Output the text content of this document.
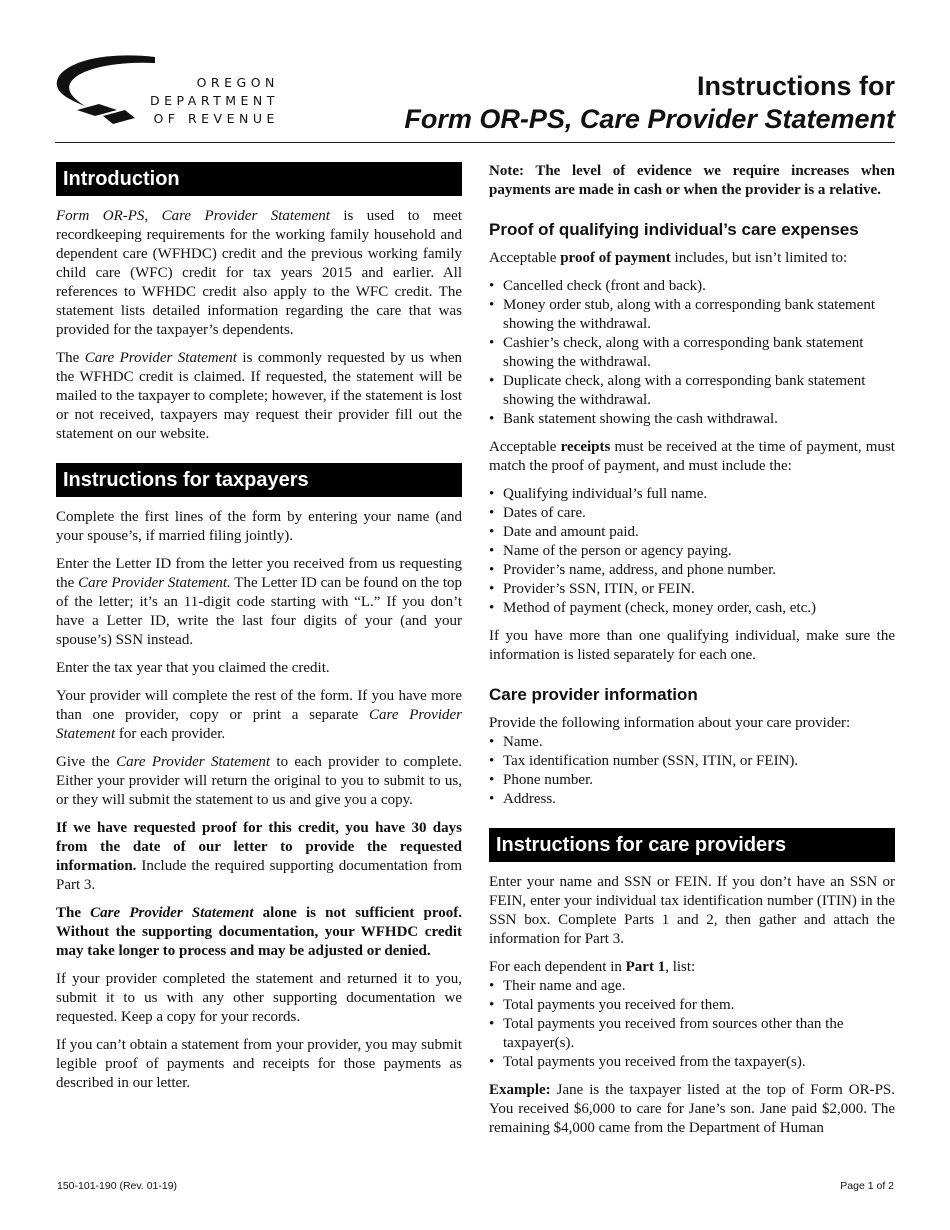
OREGON
DEPARTMENT
OF REVENUE
Instructions for
Form OR-PS, Care Provider Statement
Introduction

Form OR-PS, Care Provider Statement is used to meet recordkeeping requirements for the working family household and dependent care (WFHDC) credit and the previous working family child care (WFC) credit for tax years 2015 and earlier. All references to WFHDC credit also apply to the WFC credit. The statement lists detailed information regarding the care that was provided for the taxpayer’s dependents.

The Care Provider Statement is commonly requested by us when the WFHDC credit is claimed. If requested, the statement will be mailed to the taxpayer to complete; however, if the statement is lost or not received, taxpayers may request their provider fill out the statement on our website.

Instructions for taxpayers

Complete the first lines of the form by entering your name (and your spouse’s, if married filing jointly).

Enter the Letter ID from the letter you received from us requesting the Care Provider Statement. The Letter ID can be found on the top of the letter; it’s an 11-digit code starting with “L.” If you don’t have a Letter ID, write the last four digits of your (and your spouse’s) SSN instead.

Enter the tax year that you claimed the credit.

Your provider will complete the rest of the form. If you have more than one provider, copy or print a separate Care Provider Statement for each provider.

Give the Care Provider Statement to each provider to complete. Either your provider will return the original to you to submit to us, or they will submit the statement to us and give you a copy.

If we have requested proof for this credit, you have 30 days from the date of our letter to provide the requested information. Include the required supporting documentation from Part 3.

The Care Provider Statement alone is not sufficient proof. Without the supporting documentation, your WFHDC credit may take longer to process and may be adjusted or denied.

If your provider completed the statement and returned it to you, submit it to us with any other supporting documentation we requested. Keep a copy for your records.

If you can’t obtain a statement from your provider, you may submit legible proof of payments and receipts for those payments as described in our letter.

Note: The level of evidence we require increases when payments are made in cash or when the provider is a relative.

Proof of qualifying individual’s care expenses

Acceptable proof of payment includes, but isn’t limited to:

• Cancelled check (front and back).
• Money order stub, along with a corresponding bank statement showing the withdrawal.
• Cashier’s check, along with a corresponding bank statement showing the withdrawal.
• Duplicate check, along with a corresponding bank statement showing the withdrawal.
• Bank statement showing the cash withdrawal.

Acceptable receipts must be received at the time of payment, must match the proof of payment, and must include the:

• Qualifying individual’s full name.
• Dates of care.
• Date and amount paid.
• Name of the person or agency paying.
• Provider’s name, address, and phone number.
• Provider’s SSN, ITIN, or FEIN.
• Method of payment (check, money order, cash, etc.)

If you have more than one qualifying individual, make sure the information is listed separately for each one.

Care provider information

Provide the following information about your care provider:

• Name.
• Tax identification number (SSN, ITIN, or FEIN).
• Phone number.
• Address.
Instructions for care providers

Enter your name and SSN or FEIN. If you don’t have an SSN or FEIN, enter your individual tax identification number (ITIN) in the SSN box. Complete Parts 1 and 2, then gather and attach the information for Part 3.

For each dependent in Part 1, list:

• Their name and age.
• Total payments you received for them.
• Total payments you received from sources other than the taxpayer(s).
• Total payments you received from the taxpayer(s).

Example: Jane is the taxpayer listed at the top of Form OR-PS. You received $6,000 to care for Jane’s son. Jane paid $2,000. The remaining $4,000 came from the Department of Human

150-101-190 (Rev. 01-19)	Page 1 of 2
